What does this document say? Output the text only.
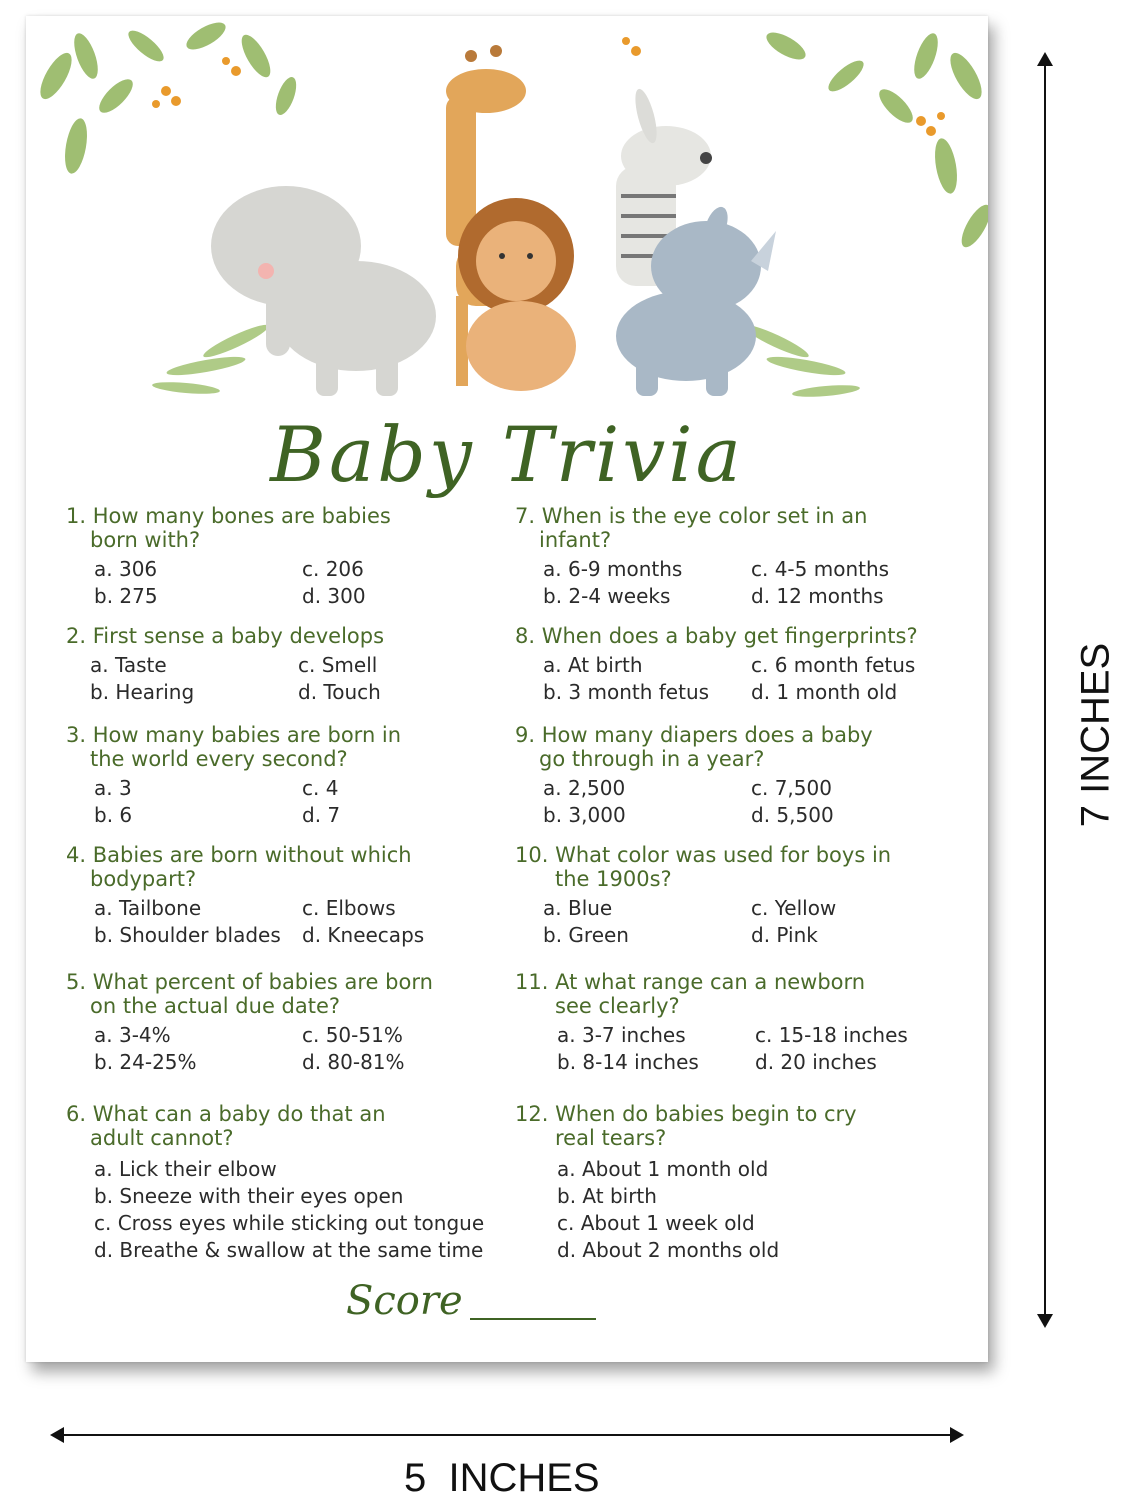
Baby Trivia
1. How many bones are babies
born with?
a. 306	c. 206
b. 275	d. 300
2. First sense a baby develops
a. Taste	c. Smell
b. Hearing	d. Touch
3. How many babies are born in
the world every second?
a. 3	c. 4
b. 6	d. 7
4. Babies are born without which
bodypart?
a. Tailbone	c. Elbows
b. Shoulder blades	d. Kneecaps
5. What percent of babies are born
on the actual due date?
a. 3-4%	c. 50-51%
b. 24-25%	d. 80-81%
6. What can a baby do that an
adult cannot?
a. Lick their elbow
b. Sneeze with their eyes open
c. Cross eyes while sticking out tongue
d. Breathe & swallow at the same time
7. When is the eye color set in an
infant?
a. 6-9 months	c. 4-5 months
b. 2-4 weeks	d. 12 months
8. When does a baby get fingerprints?
a. At birth	c. 6 month fetus
b. 3 month fetus	d. 1 month old
9. How many diapers does a baby
go through in a year?
a. 2,500	c. 7,500
b. 3,000	d. 5,500
10. What color was used for boys in
the 1900s?
a. Blue	c. Yellow
b. Green	d. Pink
11. At what range can a newborn
see clearly?
a. 3-7 inches	c. 15-18 inches
b. 8-14 inches	d. 20 inches
12. When do babies begin to cry
real tears?
a. About 1 month old
b. At birth
c. About 1 week old
d. About 2 months old
Score
7 INCHES
5  INCHES
